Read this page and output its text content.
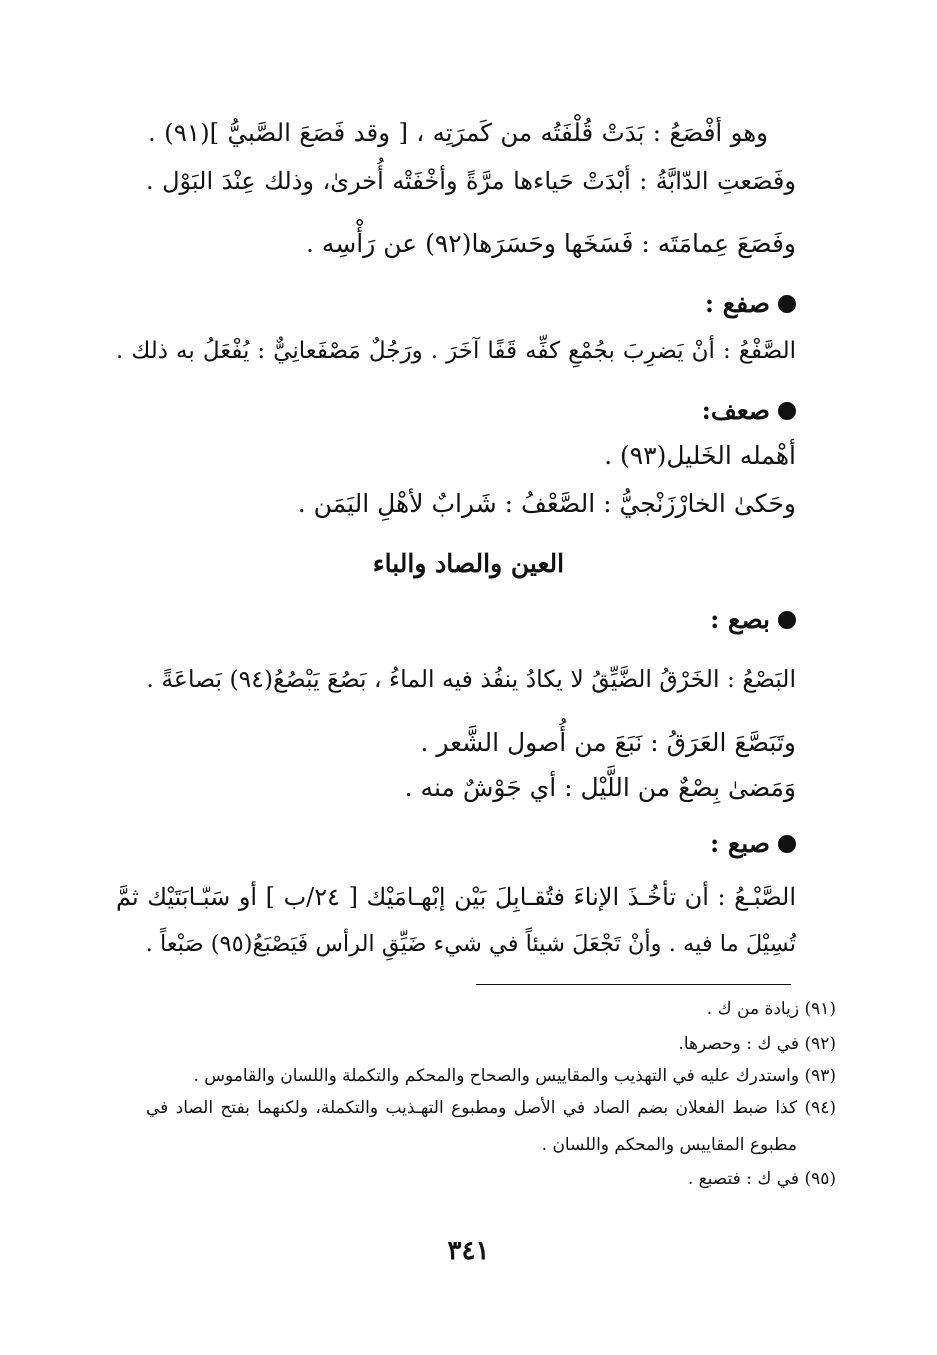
وهو أفْصَعُ : بَدَتْ قُلْفَتُه من كَمرَتِه ، [ وقد فَصَعَ الصَّبيُّ ](٩١) .
وفَصَعتِ الدّابَّةُ : أبْدَتْ حَياءها مرَّةً وأخْفَتْه أُخرىٰ، وذلك عِنْدَ البَوْل .
وفَصَعَ عِمامَتَه : فَسَخَها وحَسَرَها(٩٢) عن رَأْسِه .
صفع :
الصَّفْعُ : أنْ يَضرِبَ بجُمْعِ كفِّه قَفًا آخَرَ . ورَجُلٌ مَصْفَعانِيٌّ : يُفْعَلُ به ذلك .
صعف:
أهْمله الخَليل(٩٣) .
وحَكىٰ الخارْزَنْجيُّ : الصَّعْفُ : شَرابٌ لأهْلِ اليَمَن .
العين والصاد والباء
بصع :
البَصْعُ : الخَرْقُ الضَّيِّقُ لا يكادُ ينفُذ فيه الماءُ ، بَصُعَ يَبْصُعُ(٩٤) بَصاعَةً .
وتَبَصَّعَ العَرَقُ : نَبَعَ من أُصول الشَّعر .
وَمَضىٰ بِصْعٌ من اللَّيْل : أي جَوْشٌ منه .
صبع :
الصَّبْـعُ : أن تأخُـذَ الإناءَ فتُقـابِلَ بَيْن إبْهـامَيْك [ ٢٤/ب ] أو سَبّـابَتَيْك ثمَّ
تُسِيْلَ ما فيه . وأنْ تَجْعَلَ شيئاً في شيء ضَيِّقِ الرأس فَيَصْبَعُ(٩٥) صَبْعاً .
(٩١) زيادة من ك .
(٩٢) في ك : وحصرها.
(٩٣) واستدرك عليه في التهذيب والمقاييس والصحاح والمحكم والتكملة واللسان والقاموس .
(٩٤) كذا ضبط الفعلان بضم الصاد في الأصل ومطبوع التهـذيب والتكملة، ولكنهما بفتح الصاد في
مطبوع المقاييس والمحكم واللسان .
(٩٥) في ك : فتصبع .
٣٤١
